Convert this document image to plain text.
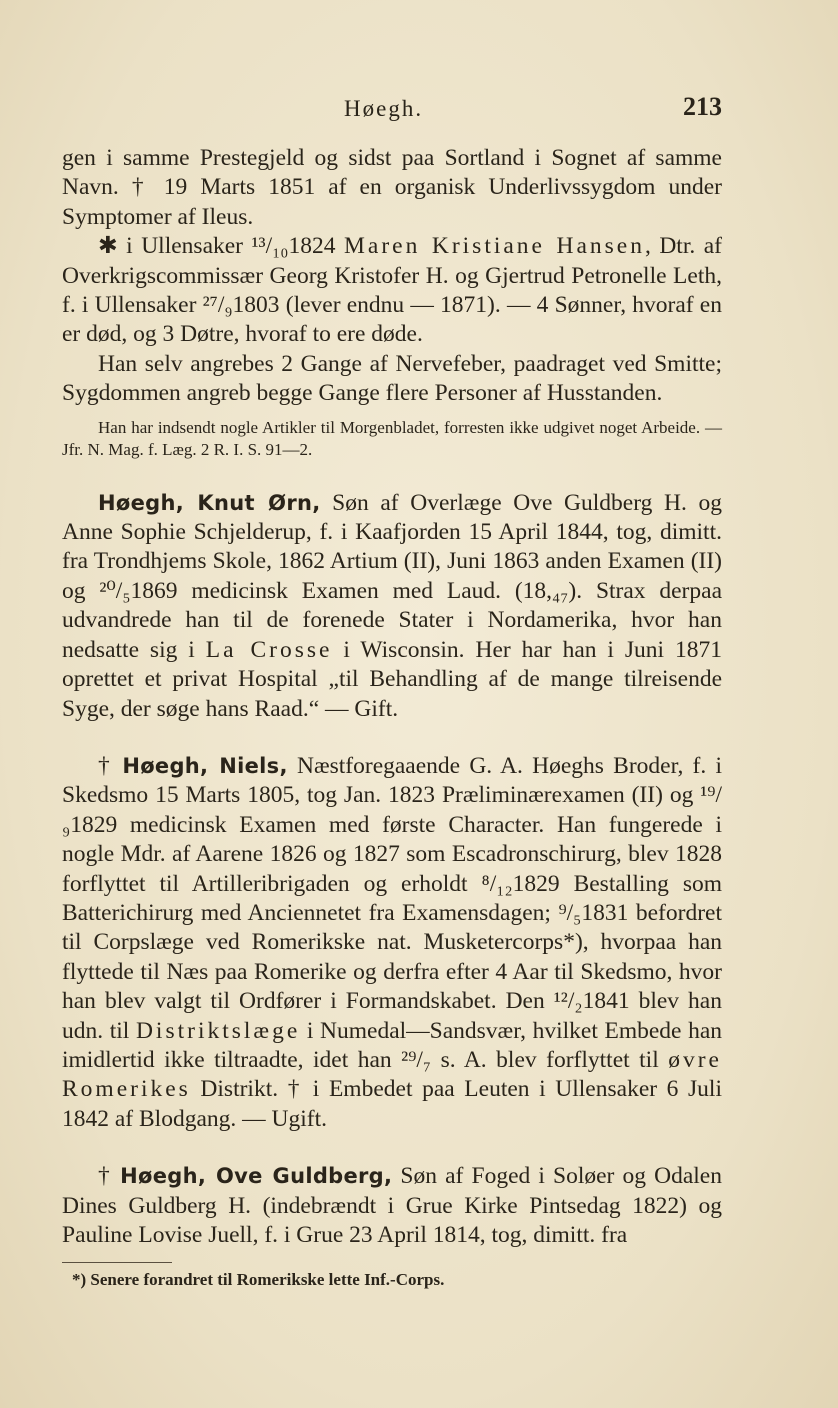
Høegh.	213

gen i samme Prestegjeld og sidst paa Sortland i Sognet af samme Navn. † 19 Marts 1851 af en organisk Underlivssygdom under Symptomer af Ileus.

✱ i Ullensaker ¹³/₁₀1824 Maren Kristiane Hansen, Dtr. af Overkrigscommissær Georg Kristofer H. og Gjertrud Petronelle Leth, f. i Ullensaker ²⁷/₉1803 (lever endnu — 1871). — 4 Sønner, hvoraf en er død, og 3 Døtre, hvoraf to ere døde.

Han selv angrebes 2 Gange af Nervefeber, paadraget ved Smitte; Sygdommen angreb begge Gange flere Personer af Husstanden.

Han har indsendt nogle Artikler til Morgenbladet, forresten ikke udgivet noget Arbeide. — Jfr. N. Mag. f. Læg. 2 R. I. S. 91—2.

Høegh, Knut Ørn, Søn af Overlæge Ove Guldberg H. og Anne Sophie Schjelderup, f. i Kaafjorden 15 April 1844, tog, dimitt. fra Trondhjems Skole, 1862 Artium (II), Juni 1863 anden Examen (II) og ²⁰/₅1869 medicinsk Examen med Laud. (18,₄₇). Strax derpaa udvandrede han til de forenede Stater i Nordamerika, hvor han nedsatte sig i La Crosse i Wisconsin. Her har han i Juni 1871 oprettet et privat Hospital „til Behandling af de mange tilreisende Syge, der søge hans Raad.“ — Gift.

† Høegh, Niels, Næstforegaaende G. A. Høeghs Broder, f. i Skedsmo 15 Marts 1805, tog Jan. 1823 Præliminærexamen (II) og ¹⁹/₉1829 medicinsk Examen med første Character. Han fungerede i nogle Mdr. af Aarene 1826 og 1827 som Escadronschirurg, blev 1828 forflyttet til Artilleribrigaden og erholdt ⁸/₁₂1829 Bestalling som Batterichirurg med Anciennetet fra Examensdagen; ⁹/₅1831 befordret til Corpslæge ved Romerikske nat. Musketercorps*), hvorpaa han flyttede til Næs paa Romerike og derfra efter 4 Aar til Skedsmo, hvor han blev valgt til Ordfører i Formandskabet. Den ¹²/₂1841 blev han udn. til Distriktslæge i Numedal—Sandsvær, hvilket Embede han imidlertid ikke tiltraadte, idet han ²⁹/₇ s. A. blev forflyttet til øvre Romerikes Distrikt. † i Embedet paa Leuten i Ullensaker 6 Juli 1842 af Blodgang. — Ugift.

† Høegh, Ove Guldberg, Søn af Foged i Soløer og Odalen Dines Guldberg H. (indebrændt i Grue Kirke Pintsedag 1822) og Pauline Lovise Juell, f. i Grue 23 April 1814, tog, dimitt. fra

*) Senere forandret til Romerikske lette Inf.-Corps.
